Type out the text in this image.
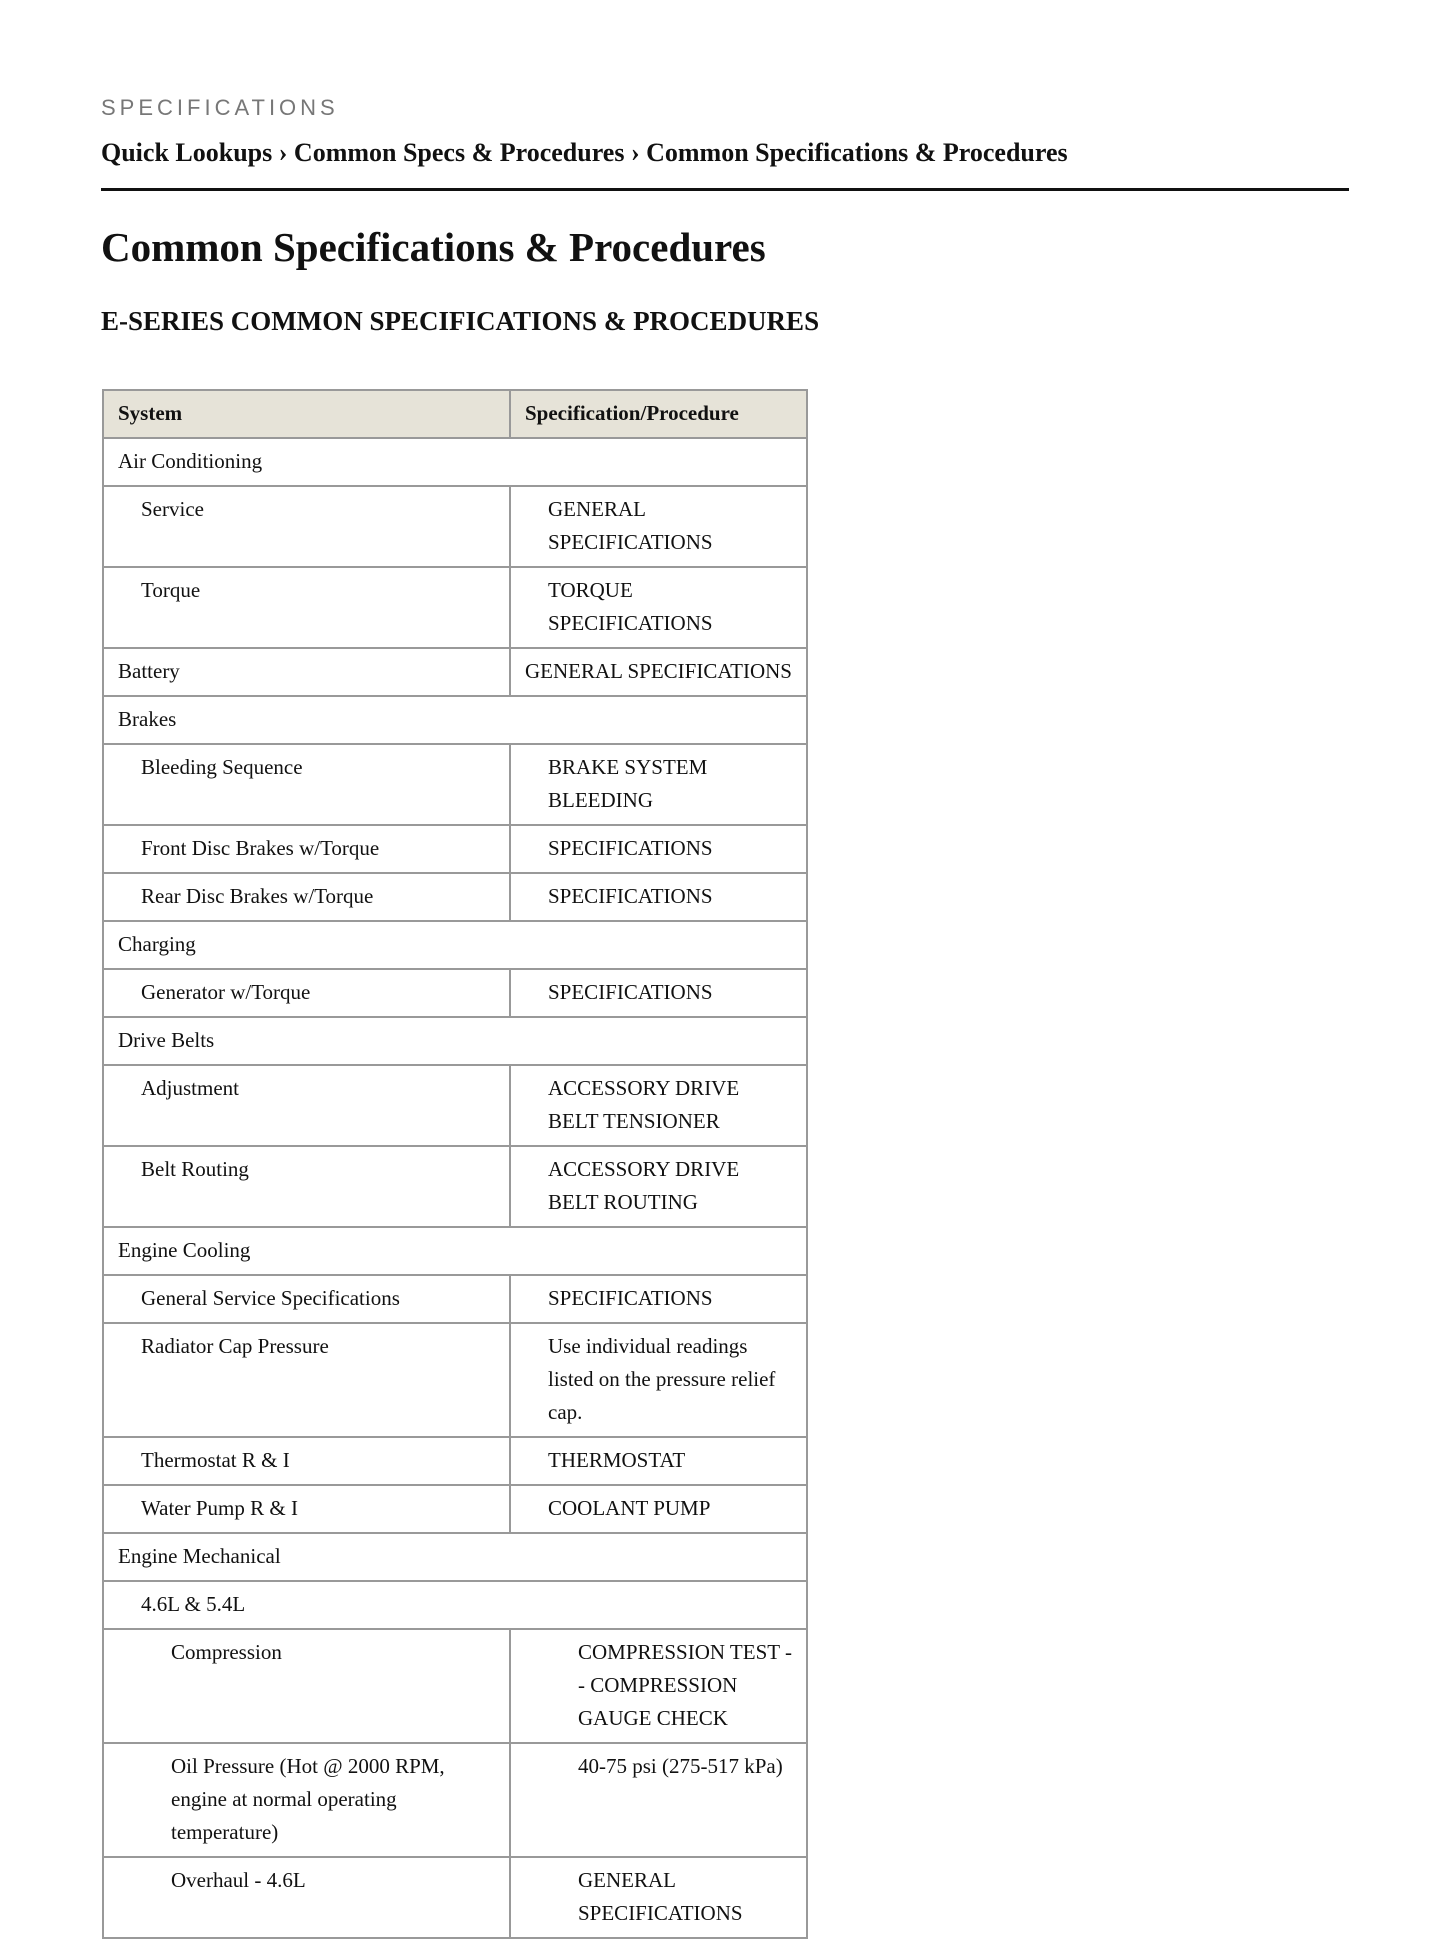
SPECIFICATIONS
Quick Lookups › Common Specs & Procedures › Common Specifications & Procedures
Common Specifications & Procedures
E-SERIES COMMON SPECIFICATIONS & PROCEDURES
System	Specification/Procedure
Air Conditioning	
Service	GENERAL SPECIFICATIONS
Torque	TORQUE SPECIFICATIONS
Battery	GENERAL SPECIFICATIONS
Brakes	
Bleeding Sequence	BRAKE SYSTEM BLEEDING
Front Disc Brakes w/Torque	SPECIFICATIONS
Rear Disc Brakes w/Torque	SPECIFICATIONS
Charging	
Generator w/Torque	SPECIFICATIONS
Drive Belts	
Adjustment	ACCESSORY DRIVE BELT TENSIONER
Belt Routing	ACCESSORY DRIVE BELT ROUTING
Engine Cooling	
General Service Specifications	SPECIFICATIONS
Radiator Cap Pressure	Use individual readings listed on the pressure relief cap.
Thermostat R & I	THERMOSTAT
Water Pump R & I	COOLANT PUMP
Engine Mechanical	
4.6L & 5.4L	
Compression	COMPRESSION TEST -- COMPRESSION GAUGE CHECK
Oil Pressure (Hot @ 2000 RPM, engine at normal operating temperature)	40-75 psi (275-517 kPa)
Overhaul - 4.6L	GENERAL SPECIFICATIONS
